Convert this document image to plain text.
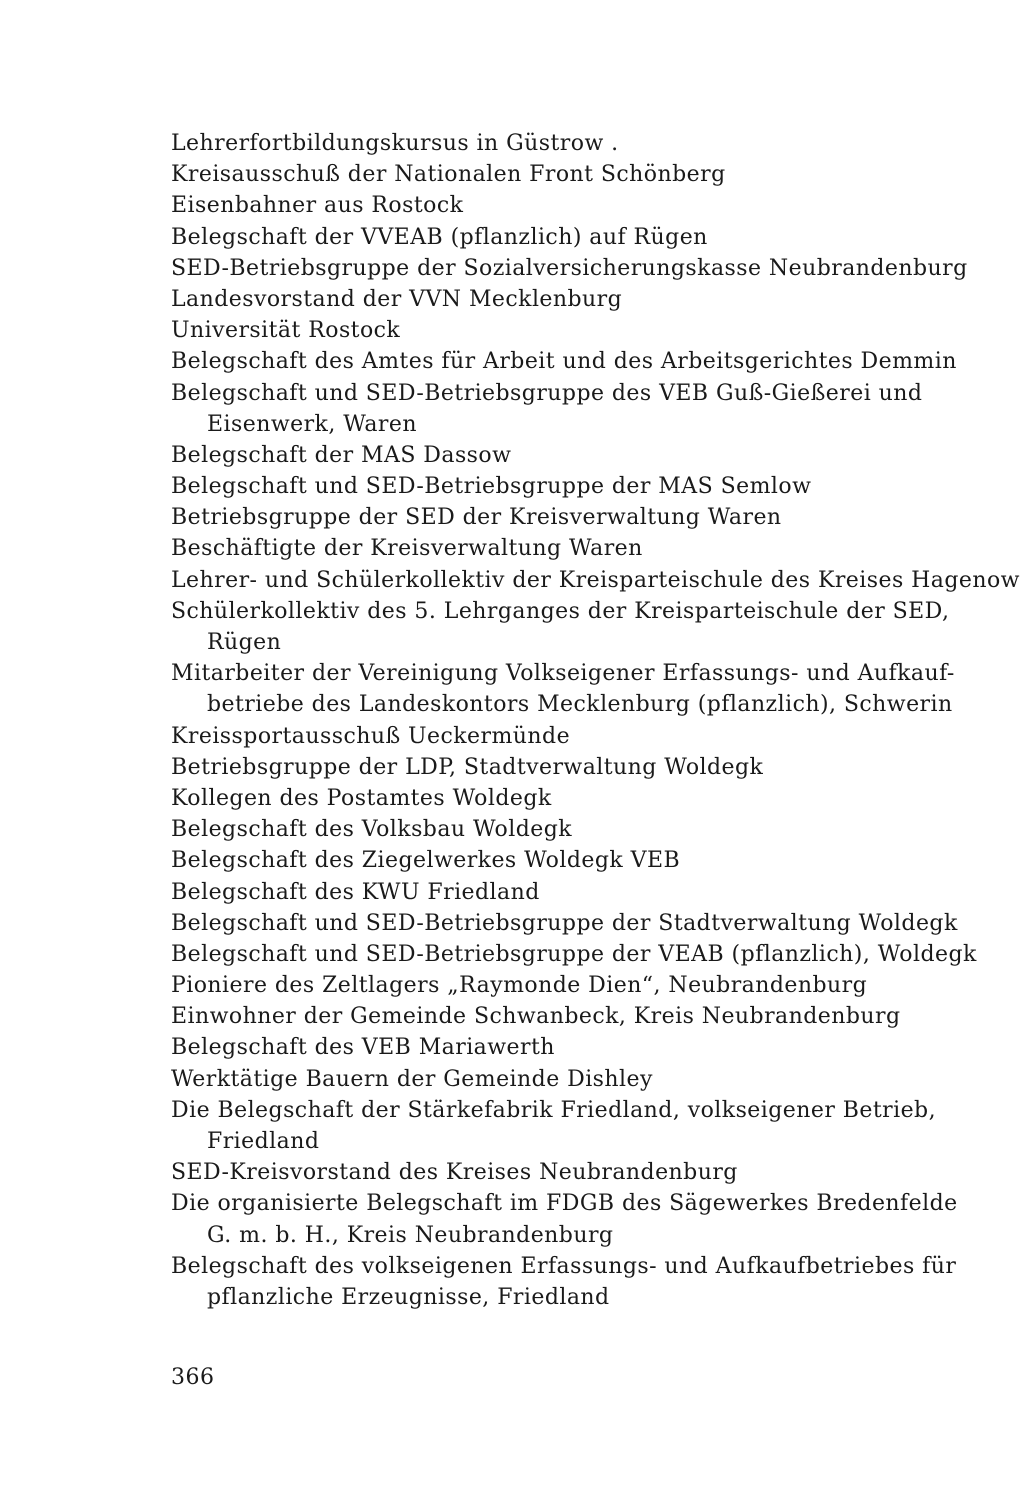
Lehrerfortbildungskursus in Güstrow .
Kreisausschuß der Nationalen Front Schönberg
Eisenbahner aus Rostock
Belegschaft der VVEAB (pflanzlich) auf Rügen
SED-Betriebsgruppe der Sozialversicherungskasse Neubrandenburg
Landesvorstand der VVN Mecklenburg
Universität Rostock
Belegschaft des Amtes für Arbeit und des Arbeitsgerichtes Demmin
Belegschaft und SED-Betriebsgruppe des VEB Guß-Gießerei und
Eisenwerk, Waren
Belegschaft der MAS Dassow
Belegschaft und SED-Betriebsgruppe der MAS Semlow
Betriebsgruppe der SED der Kreisverwaltung Waren
Beschäftigte der Kreisverwaltung Waren
Lehrer- und Schülerkollektiv der Kreisparteischule des Kreises Hagenow
Schülerkollektiv des 5. Lehrganges der Kreisparteischule der SED,
Rügen
Mitarbeiter der Vereinigung Volkseigener Erfassungs- und Aufkauf-
betriebe des Landeskontors Mecklenburg (pflanzlich), Schwerin
Kreissportausschuß Ueckermünde
Betriebsgruppe der LDP, Stadtverwaltung Woldegk
Kollegen des Postamtes Woldegk
Belegschaft des Volksbau Woldegk
Belegschaft des Ziegelwerkes Woldegk VEB
Belegschaft des KWU Friedland
Belegschaft und SED-Betriebsgruppe der Stadtverwaltung Woldegk
Belegschaft und SED-Betriebsgruppe der VEAB (pflanzlich), Woldegk
Pioniere des Zeltlagers „Raymonde Dien“, Neubrandenburg
Einwohner der Gemeinde Schwanbeck, Kreis Neubrandenburg
Belegschaft des VEB Mariawerth
Werktätige Bauern der Gemeinde Dishley
Die Belegschaft der Stärkefabrik Friedland, volkseigener Betrieb,
Friedland
SED-Kreisvorstand des Kreises Neubrandenburg
Die organisierte Belegschaft im FDGB des Sägewerkes Bredenfelde
G. m. b. H., Kreis Neubrandenburg
Belegschaft des volkseigenen Erfassungs- und Aufkaufbetriebes für
pflanzliche Erzeugnisse, Friedland
366
